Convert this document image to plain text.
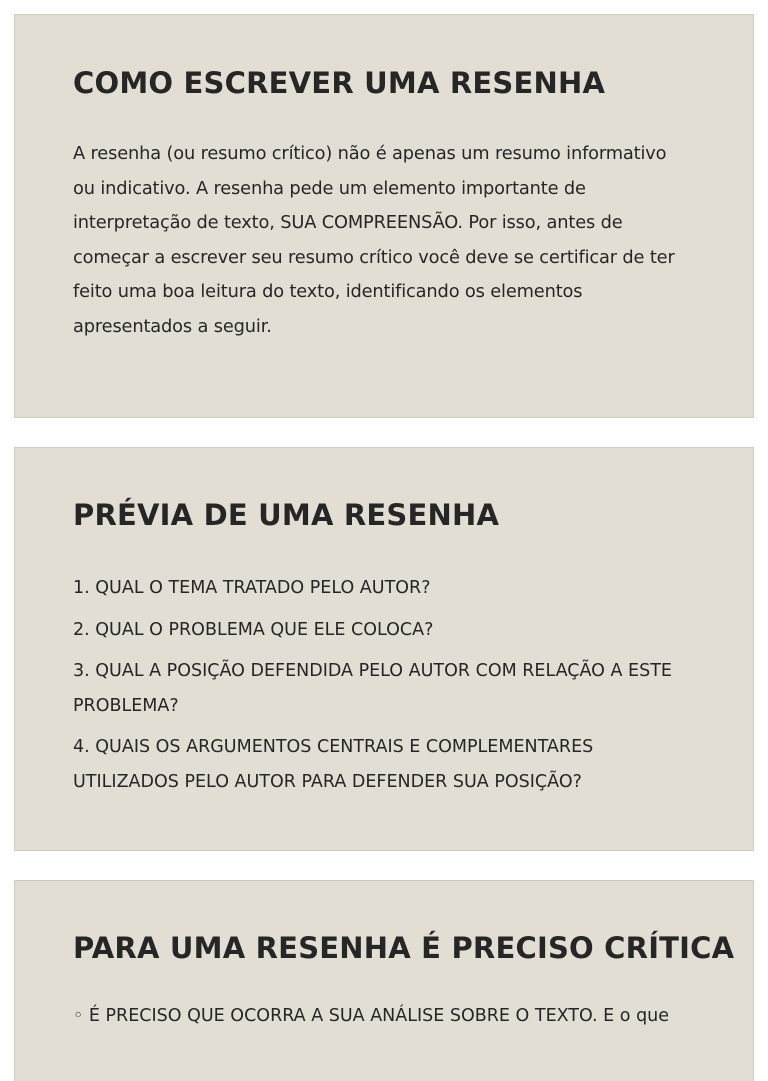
COMO ESCREVER UMA RESENHA

A resenha (ou resumo crítico) não é apenas um resumo informativo ou indicativo. A resenha pede um elemento importante de interpretação de texto, SUA COMPREENSÃO. Por isso, antes de começar a escrever seu resumo crítico você deve se certificar de ter feito uma boa leitura do texto, identificando os elementos apresentados a seguir.

PRÉVIA DE UMA RESENHA
1. QUAL O TEMA TRATADO PELO AUTOR?
2. QUAL O PROBLEMA QUE ELE COLOCA?
3. QUAL A POSIÇÃO DEFENDIDA PELO AUTOR COM RELAÇÃO A ESTE PROBLEMA?
4. QUAIS OS ARGUMENTOS CENTRAIS E COMPLEMENTARES UTILIZADOS PELO AUTOR PARA DEFENDER SUA POSIÇÃO?
PARA UMA RESENHA É PRECISO CRÍTICA

◦ É PRECISO QUE OCORRA A SUA ANÁLISE SOBRE O TEXTO. E o que
